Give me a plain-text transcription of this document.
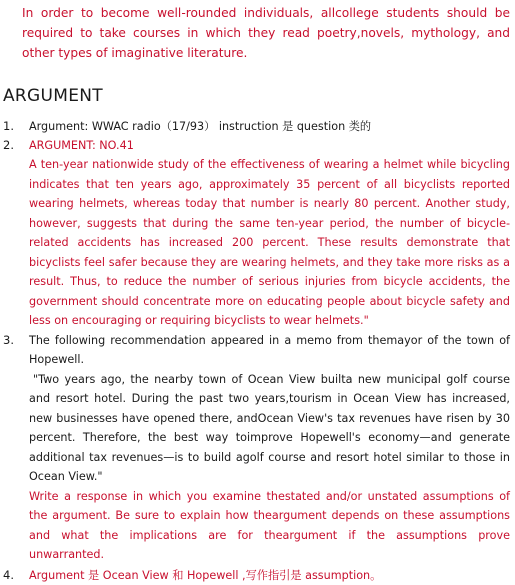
In order to become well-rounded individuals, allcollege students should be required to take courses in which they read poetry,novels, mythology, and other types of imaginative literature.

ARGUMENT
1. Argument: WWAC radio（17/93） instruction 是 question 类的

2. ARGUMENT: NO.41

A ten-year nationwide study of the effectiveness of wearing a helmet while bicycling indicates that ten years ago, approximately 35 percent of all bicyclists reported wearing helmets, whereas today that number is nearly 80 percent. Another study, however, suggests that during the same ten-year period, the number of bicycle-related accidents has increased 200 percent. These results demonstrate that bicyclists feel safer because they are wearing helmets, and they take more risks as a result. Thus, to reduce the number of serious injuries from bicycle accidents, the government should concentrate more on educating people about bicycle safety and less on encouraging or requiring bicyclists to wear helmets."

3. The following recommendation appeared in a memo from themayor of the town of Hopewell.

"Two years ago, the nearby town of Ocean View builta new municipal golf course and resort hotel. During the past two years,tourism in Ocean View has increased, new businesses have opened there, andOcean View's tax revenues have risen by 30 percent. Therefore, the best way toimprove Hopewell's economy—and generate additional tax revenues—is to build agolf course and resort hotel similar to those in Ocean View."

Write a response in which you examine thestated and/or unstated assumptions of the argument. Be sure to explain how theargument depends on these assumptions and what the implications are for theargument if the assumptions prove unwarranted.

4. Argument 是 Ocean View 和 Hopewell ,写作指引是 assumption。
